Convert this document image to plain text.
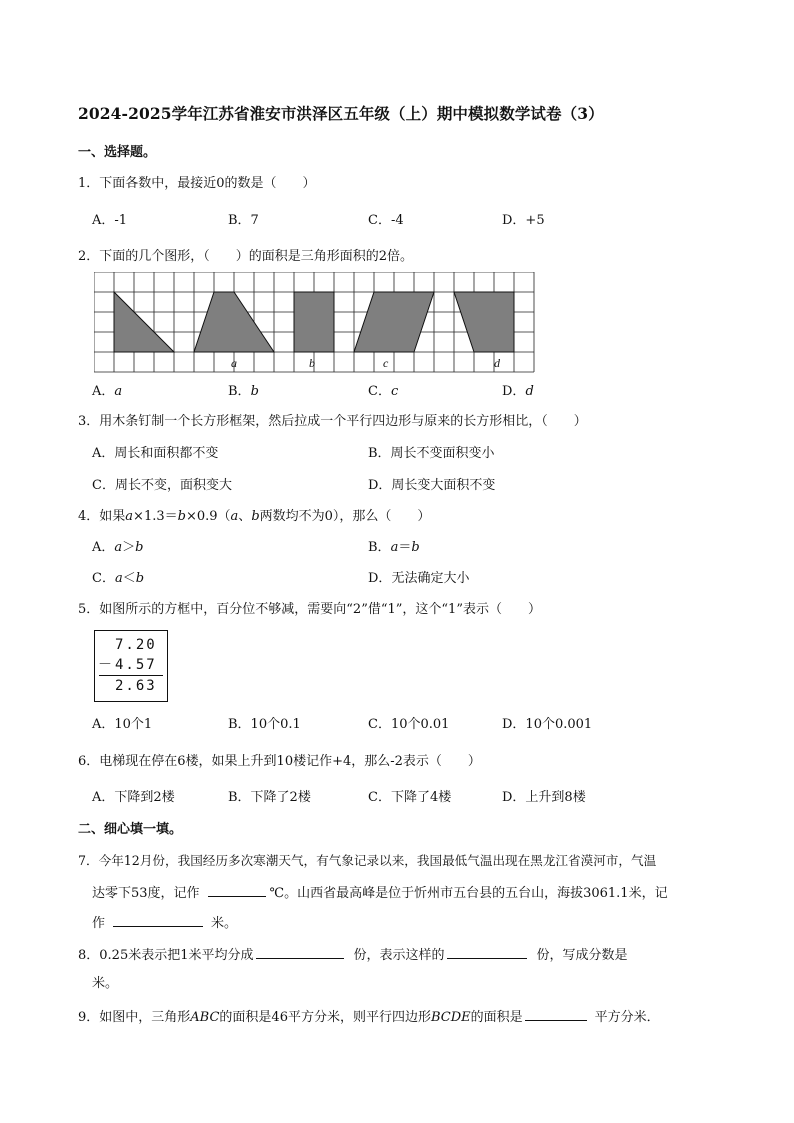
2024-2025学年江苏省淮安市洪泽区五年级（上）期中模拟数学试卷（3）
一、选择题。
1．下面各数中，最接近0的数是（　　）
A．-1	B．7	C．-4	D．+5
2．下面的几个图形，（　　）的面积是三角形面积的2倍。
a	b	c	d
A．a	B．b	C．c	D．d
3．用木条钉制一个长方形框架，然后拉成一个平行四边形与原来的长方形相比，（　　）
A．周长和面积都不变	B．周长不变面积变小
C．周长不变，面积变大	D．周长变大面积不变
4．如果a×1.3＝b×0.9（a、b两数均不为0），那么（　　）
A．a＞b	B．a＝b
C．a＜b	D．无法确定大小
5．如图所示的方框中，百分位不够减，需要向“2”借“1”，这个“1”表示（　　）
7.20
－ 4.57
2.63
A．10个1	B．10个0.1	C．10个0.01	D．10个0.001
6．电梯现在停在6楼，如果上升到10楼记作+4，那么-2表示（　　）
A．下降到2楼	B．下降了2楼	C．下降了4楼	D．上升到8楼
二、细心填一填。
7．今年12月份，我国经历多次寒潮天气，有气象记录以来，我国最低气温出现在黑龙江省漠河市，气温
达零下53度，记作	℃。山西省最高峰是位于忻州市五台县的五台山，海拔3061.1米，记
作	米。
8．0.25米表示把1米平均分成	份，表示这样的	份，写成分数是
米。
9．如图中，三角形ABC的面积是46平方分米，则平行四边形BCDE的面积是	平方分米．
